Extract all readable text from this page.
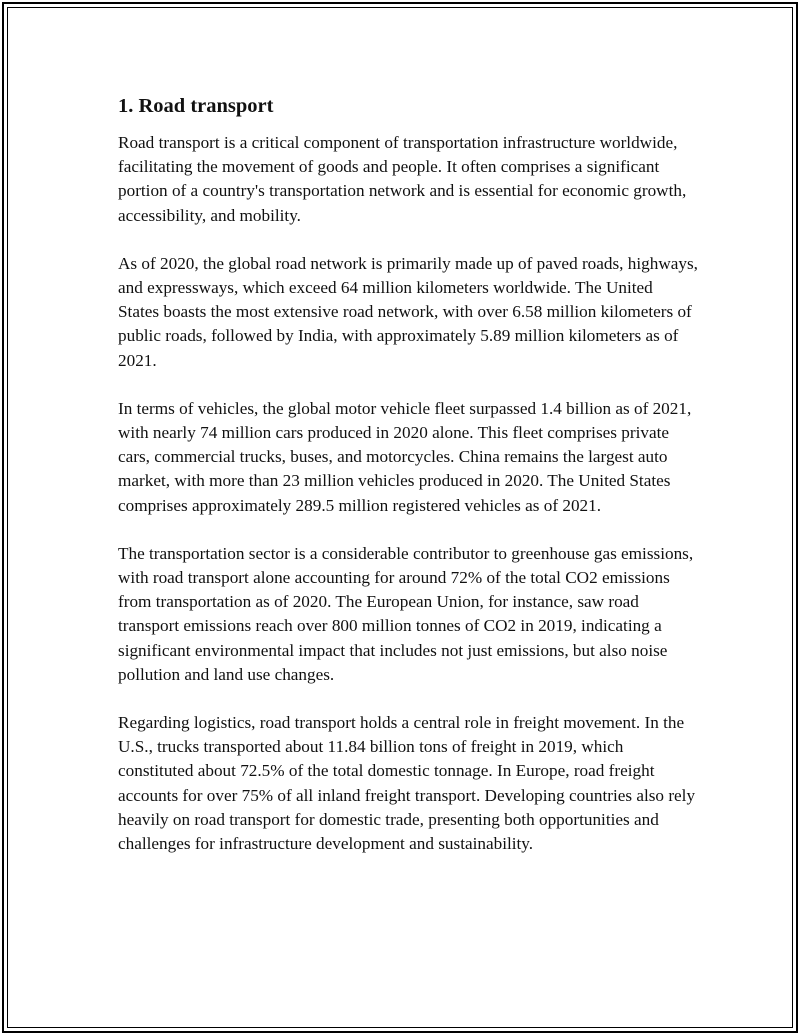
1. Road transport

Road transport is a critical component of transportation infrastructure worldwide, facilitating the movement of goods and people. It often comprises a significant portion of a country's transportation network and is essential for economic growth, accessibility, and mobility.

As of 2020, the global road network is primarily made up of paved roads, highways, and expressways, which exceed 64 million kilometers worldwide. The United States boasts the most extensive road network, with over 6.58 million kilometers of public roads, followed by India, with approximately 5.89 million kilometers as of 2021.

In terms of vehicles, the global motor vehicle fleet surpassed 1.4 billion as of 2021, with nearly 74 million cars produced in 2020 alone. This fleet comprises private cars, commercial trucks, buses, and motorcycles. China remains the largest auto market, with more than 23 million vehicles produced in 2020. The United States comprises approximately 289.5 million registered vehicles as of 2021.

The transportation sector is a considerable contributor to greenhouse gas emissions, with road transport alone accounting for around 72% of the total CO2 emissions from transportation as of 2020. The European Union, for instance, saw road transport emissions reach over 800 million tonnes of CO2 in 2019, indicating a significant environmental impact that includes not just emissions, but also noise pollution and land use changes.

Regarding logistics, road transport holds a central role in freight movement. In the U.S., trucks transported about 11.84 billion tons of freight in 2019, which constituted about 72.5% of the total domestic tonnage. In Europe, road freight accounts for over 75% of all inland freight transport. Developing countries also rely heavily on road transport for domestic trade, presenting both opportunities and challenges for infrastructure development and sustainability.
